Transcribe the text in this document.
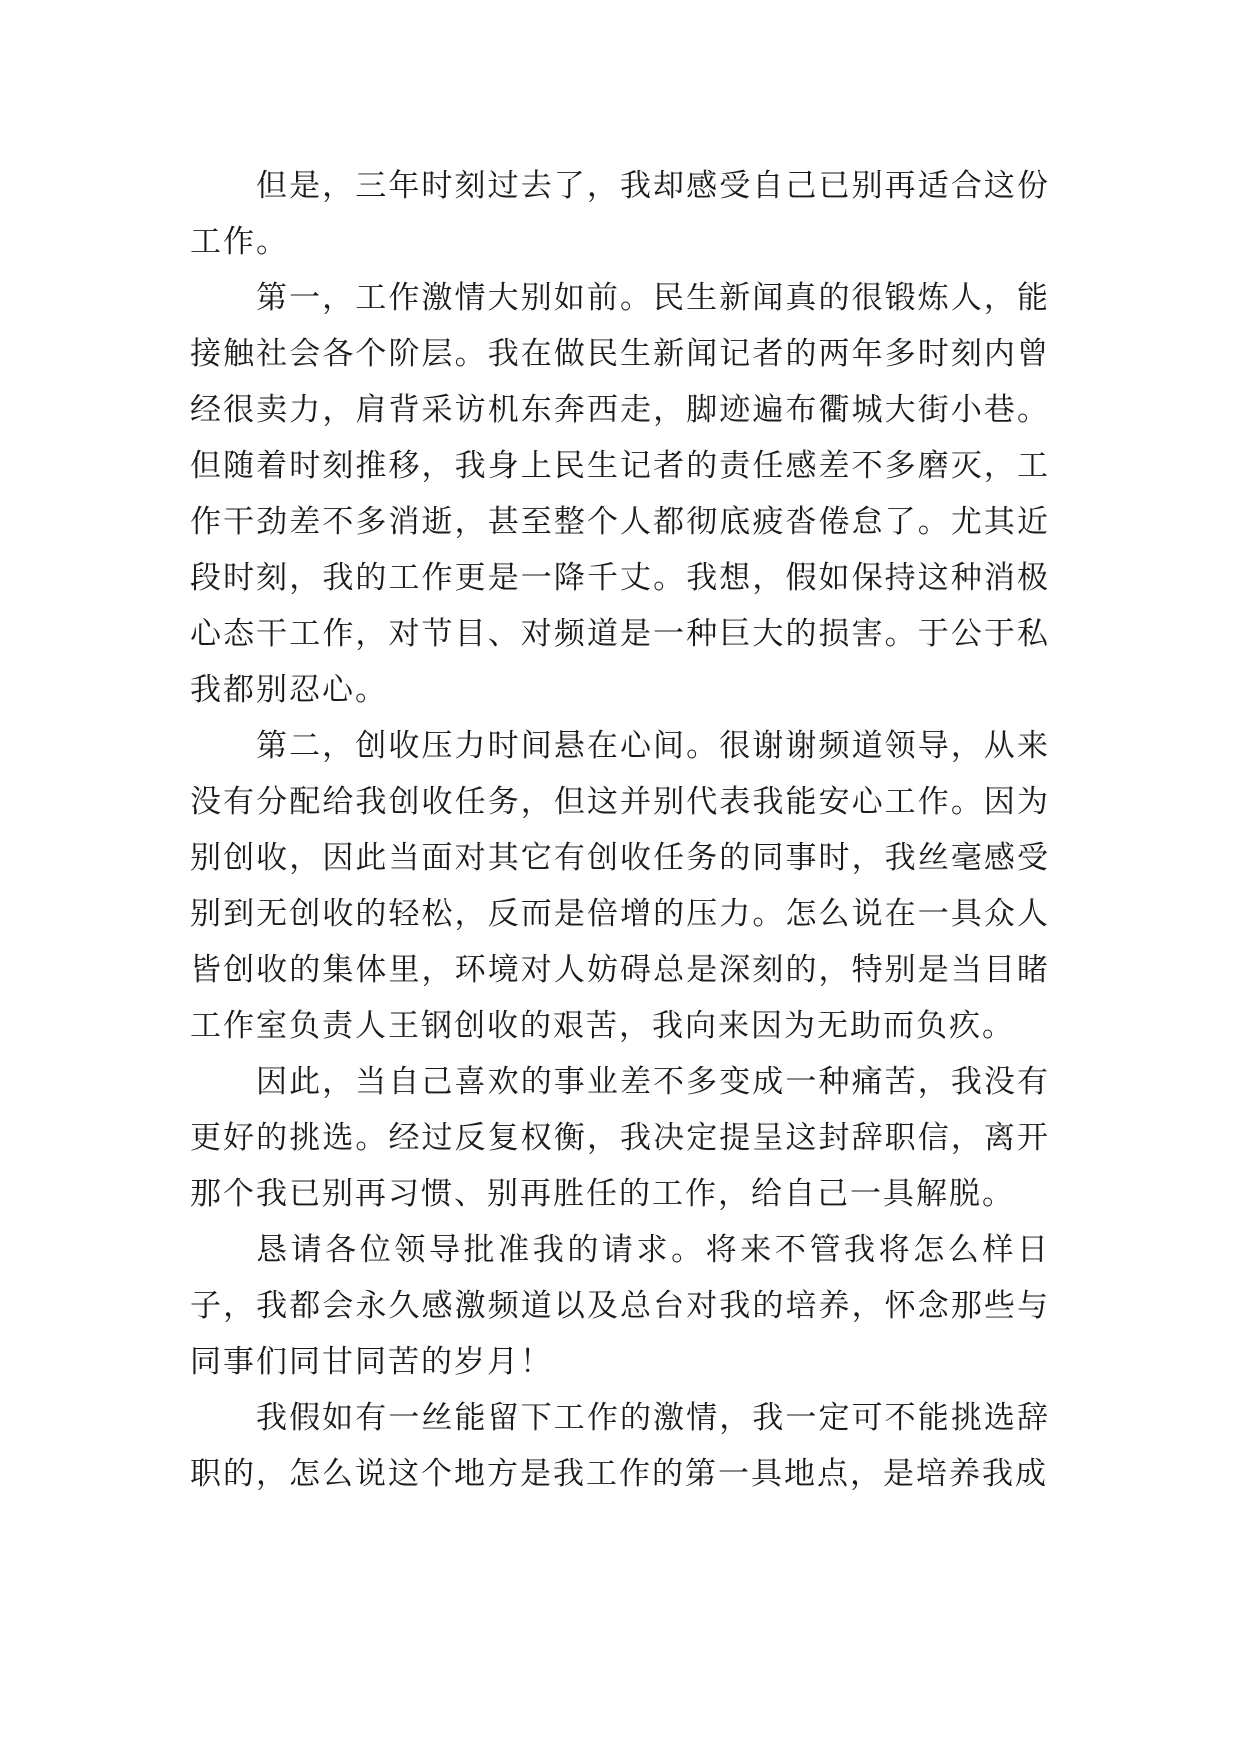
但是，三年时刻过去了，我却感受自己已别再适合这份工作。

第一，工作激情大别如前。民生新闻真的很锻炼人，能接触社会各个阶层。我在做民生新闻记者的两年多时刻内曾经很卖力，肩背采访机东奔西走，脚迹遍布衢城大街小巷。但随着时刻推移，我身上民生记者的责任感差不多磨灭，工作干劲差不多消逝，甚至整个人都彻底疲沓倦怠了。尤其近段时刻，我的工作更是一降千丈。我想，假如保持这种消极心态干工作，对节目、对频道是一种巨大的损害。于公于私我都别忍心。

第二，创收压力时间悬在心间。很谢谢频道领导，从来没有分配给我创收任务，但这并别代表我能安心工作。因为别创收，因此当面对其它有创收任务的同事时，我丝毫感受别到无创收的轻松，反而是倍增的压力。怎么说在一具众人皆创收的集体里，环境对人妨碍总是深刻的，特别是当目睹工作室负责人王钢创收的艰苦，我向来因为无助而负疚。

因此，当自己喜欢的事业差不多变成一种痛苦，我没有更好的挑选。经过反复权衡，我决定提呈这封辞职信，离开那个我已别再习惯、别再胜任的工作，给自己一具解脱。

恳请各位领导批准我的请求。将来不管我将怎么样日子，我都会永久感激频道以及总台对我的培养，怀念那些与同事们同甘同苦的岁月！

我假如有一丝能留下工作的激情，我一定可不能挑选辞职的，怎么说这个地方是我工作的第一具地点，是培养我成
